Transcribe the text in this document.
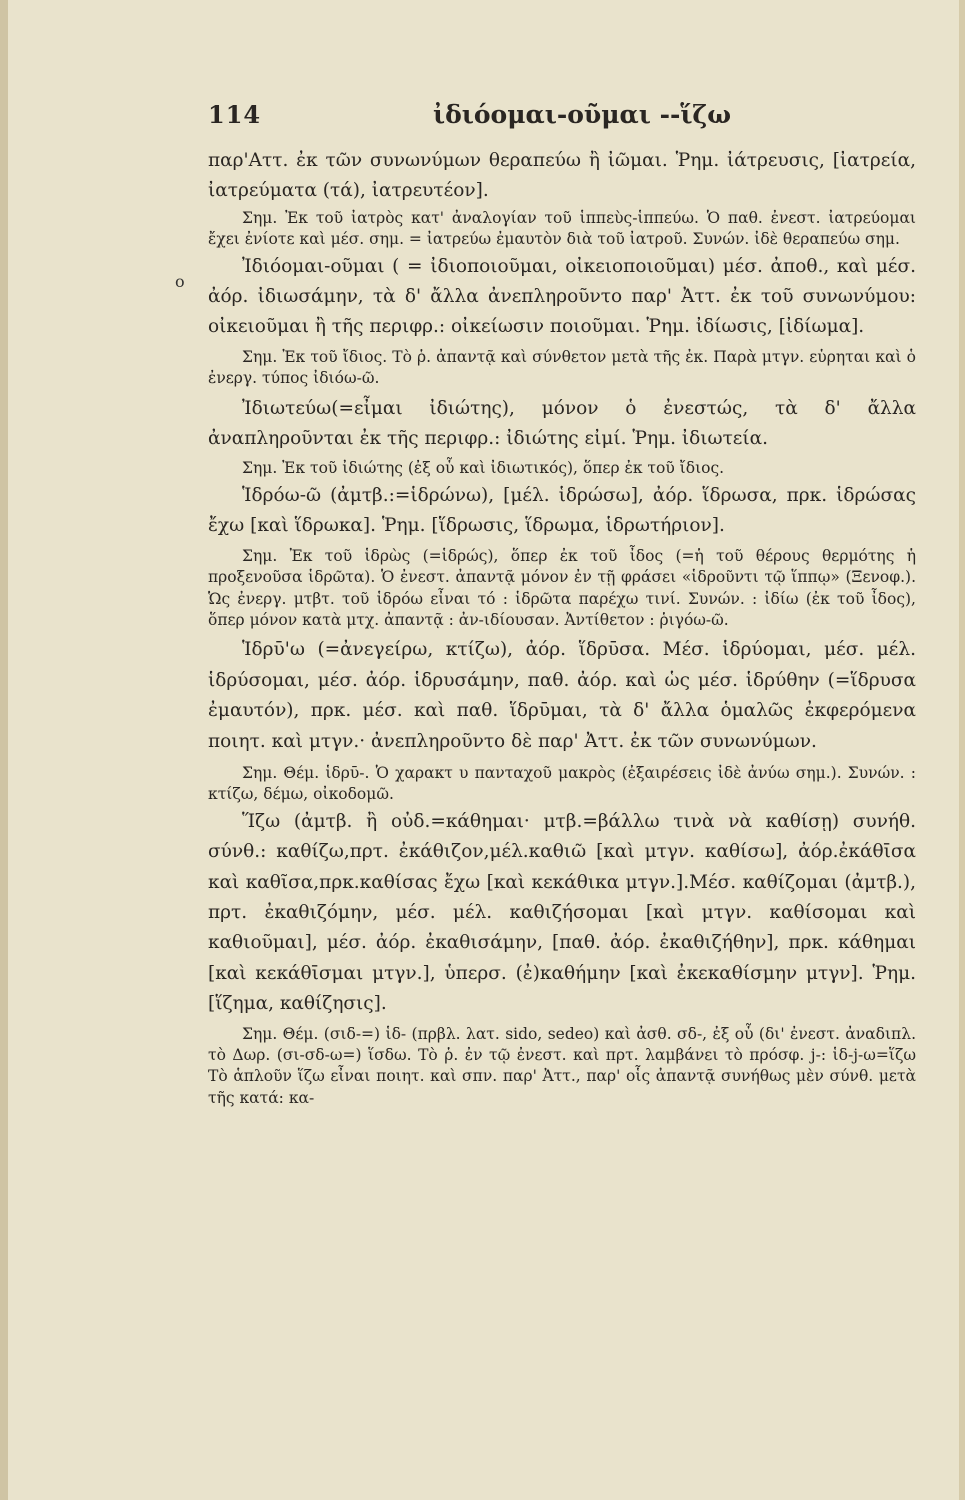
114	ἰδιόομαι-οῦμαι --ἵζω
o

παρ'Αττ. ἐκ τῶν συνωνύμων θεραπεύω ἢ ἰῶμαι. Ῥημ. ἰάτρευσις, [ἰατρεία, ἰατρεύματα (τά), ἰατρευτέον].

Σημ. Ἐκ τοῦ ἰατρὸς κατ' ἀναλογίαν τοῦ ἱππεὺς-ἱππεύω. Ὁ παθ. ἐνεστ. ἰατρεύομαι ἔχει ἐνίοτε καὶ μέσ. σημ. = ἰατρεύω ἐμαυτὸν διὰ τοῦ ἰατροῦ. Συνών. ἰδὲ θεραπεύω σημ.

Ἰδιόομαι-οῦμαι ( = ἰδιοποιοῦμαι, οἰκειοποιοῦμαι) μέσ. ἀποθ., καὶ μέσ. ἀόρ. ἰδιωσάμην, τὰ δ' ἄλλα ἀνεπληροῦντο παρ' Ἀττ. ἐκ τοῦ συνωνύμου: οἰκειοῦμαι ἢ τῆς περιφρ.: οἰκείωσιν ποιοῦμαι. Ῥημ. ἰδίωσις, [ἰδίωμα].

Σημ. Ἐκ τοῦ ἴδιος. Τὸ ῥ. ἀπαντᾷ καὶ σύνθετον μετὰ τῆς ἐκ. Παρὰ μτγν. εὑρηται καὶ ὁ ἐνεργ. τύπος ἰδιόω-ῶ.

Ἰδιωτεύω(=εἶμαι ἰδιώτης), μόνον ὁ ἐνεστώς, τὰ δ' ἄλλα ἀναπληροῦνται ἐκ τῆς περιφρ.: ἰδιώτης εἰμί. Ῥημ. ἰδιωτεία.

Σημ. Ἐκ τοῦ ἰδιώτης (ἐξ οὗ καὶ ἰδιωτικός), ὅπερ ἐκ τοῦ ἴδιος.

Ἱδρόω-ῶ (ἀμτβ.:=ἱδρώνω), [μέλ. ἱδρώσω], ἀόρ. ἵδρωσα, πρκ. ἱδρώσας ἔχω [καὶ ἵδρωκα]. Ῥημ. [ἵδρωσις, ἵδρωμα, ἱδρωτήριον].

Σημ. Ἐκ τοῦ ἱδρὼς (=ἱδρώς), ὅπερ ἐκ τοῦ ἶδος (=ἡ τοῦ θέρους θερμότης ἡ προξενοῦσα ἱδρῶτα). Ὁ ἐνεστ. ἀπαντᾷ μόνον ἐν τῇ φράσει «ἱδροῦντι τῷ ἵππῳ» (Ξενοφ.). Ὡς ἐνεργ. μτβτ. τοῦ ἱδρόω εἶναι τό : ἱδρῶτα παρέχω τινί. Συνών. : ἰδίω (ἐκ τοῦ ἶδος), ὅπερ μόνον κατὰ μτχ. ἀπαντᾷ : ἀν-ιδίουσαν. Ἀντίθετον : ῥιγόω-ῶ.

Ἱδρῡ'ω (=ἀνεγείρω, κτίζω), ἀόρ. ἵδρῡσα. Μέσ. ἱδρύομαι, μέσ. μέλ. ἱδρύσομαι, μέσ. ἀόρ. ἱδρυσάμην, παθ. ἀόρ. καὶ ὡς μέσ. ἱδρύθην (=ἵδρυσα ἐμαυτόν), πρκ. μέσ. καὶ παθ. ἵδρῡμαι, τὰ δ' ἄλλα ὁμαλῶς ἐκφερόμενα ποιητ. καὶ μτγν.· ἀνεπληροῦντο δὲ παρ' Ἀττ. ἐκ τῶν συνωνύμων.

Σημ. Θέμ. ἱδρῡ-. Ὁ χαρακτ υ πανταχοῦ μακρὸς (ἐξαιρέσεις ἰδὲ ἀνύω σημ.). Συνών. : κτίζω, δέμω, οἰκοδομῶ.

Ἵζω (ἀμτβ. ἢ οὐδ.=κάθημαι· μτβ.=βάλλω τινὰ νὰ καθίσῃ) συνήθ. σύνθ.: καθίζω,πρτ. ἐκάθιζον,μέλ.καθιῶ [καὶ μτγν. καθίσω], ἀόρ.ἐκάθῑσα καὶ καθῖσα,πρκ.καθίσας ἔχω [καὶ κεκάθικα μτγν.].Μέσ. καθίζομαι (ἀμτβ.), πρτ. ἐκαθιζόμην, μέσ. μέλ. καθιζήσομαι [καὶ μτγν. καθίσομαι καὶ καθιοῦμαι], μέσ. ἀόρ. ἐκαθισάμην, [παθ. ἀόρ. ἐκαθιζήθην], πρκ. κάθημαι [καὶ κεκάθῑσμαι μτγν.], ὑπερσ. (ἐ)καθήμην [καὶ ἐκεκαθίσμην μτγν]. Ῥημ. [ἵζημα, καθίζησις].

Σημ. Θέμ. (σιδ-=) ἱδ- (πρβλ. λατ. sido, sedeo) καὶ ἀσθ. σδ-, ἐξ οὗ (δι' ἐνεστ. ἀναδιπλ. τὸ Δωρ. (σι-σδ-ω=) ἵσδω. Τὸ ῥ. ἐν τῷ ἐνεστ. καὶ πρτ. λαμβάνει τὸ πρόσφ. j-: ἱδ-j-ω=ἵζω Τὸ ἁπλοῦν ἵζω εἶναι ποιητ. καὶ σπν. παρ' Ἀττ., παρ' οἷς ἀπαντᾷ συνήθως μὲν σύνθ. μετὰ τῆς κατά: κα-
